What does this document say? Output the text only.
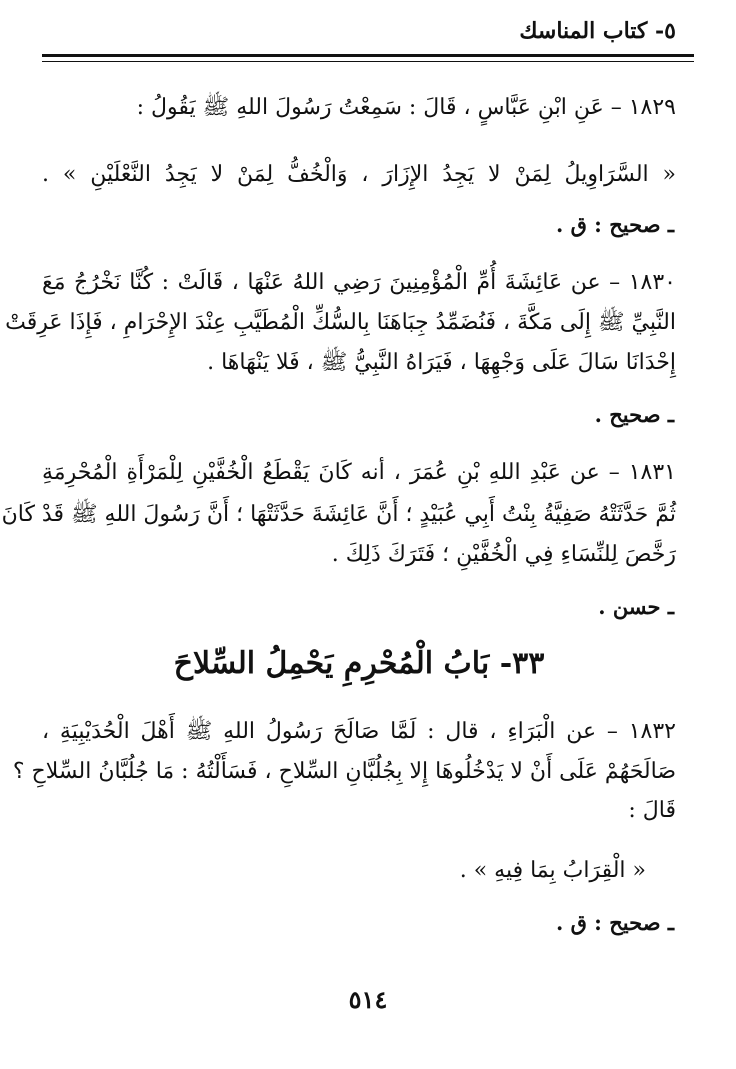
٥- كتاب المناسك
١٨٢٩ – عَنِ ابْنِ عَبَّاسٍ ، قَالَ : سَمِعْتُ رَسُولَ اللهِ ﷺ يَقُولُ :
« السَّرَاوِيلُ لِمَنْ لا يَجِدُ الإِزَارَ ، وَالْخُفُّ لِمَنْ لا يَجِدُ النَّعْلَيْنِ » .
ـ صحيح : ق .
١٨٣٠ – عن عَائِشَةَ أُمِّ الْمُؤْمِنِينَ رَضِي اللهُ عَنْهَا ، قَالَتْ : كُنَّا نَخْرُجُ مَعَ
النَّبِيِّ ﷺ إِلَى مَكَّةَ ، فَنُضَمِّدُ جِبَاهَنَا بِالسُّكِّ الْمُطَيَّبِ عِنْدَ الإِحْرَامِ ، فَإِذَا عَرِقَتْ
إِحْدَانَا سَالَ عَلَى وَجْهِهَا ، فَيَرَاهُ النَّبِيُّ ﷺ ، فَلا يَنْهَاهَا .
ـ صحيح .
١٨٣١ – عن عَبْدِ اللهِ بْنِ عُمَرَ ، أنه كَانَ يَقْطَعُ الْخُفَّيْنِ لِلْمَرْأَةِ الْمُحْرِمَةِ
ثُمَّ حَدَّثَتْهُ صَفِيَّةُ بِنْتُ أَبِي عُبَيْدٍ ؛ أَنَّ عَائِشَةَ حَدَّثَتْهَا ؛ أَنَّ رَسُولَ اللهِ ﷺ قَدْ كَانَ
رَخَّصَ لِلنِّسَاءِ فِي الْخُفَّيْنِ ؛ فَتَرَكَ ذَلِكَ .
ـ حسن .
٣٣- بَابُ الْمُحْرِمِ يَحْمِلُ السِّلاحَ
١٨٣٢ – عن الْبَرَاءِ ، قال : لَمَّا صَالَحَ رَسُولُ اللهِ ﷺ أَهْلَ الْحُدَيْبِيَةِ ،
صَالَحَهُمْ عَلَى أَنْ لا يَدْخُلُوهَا إِلا بِجُلُبَّانِ السِّلاحِ ، فَسَأَلْتُهُ : مَا جُلُبَّانُ السِّلاحِ ؟
قَالَ :
« الْقِرَابُ بِمَا فِيهِ » .
ـ صحيح : ق .
٥١٤
